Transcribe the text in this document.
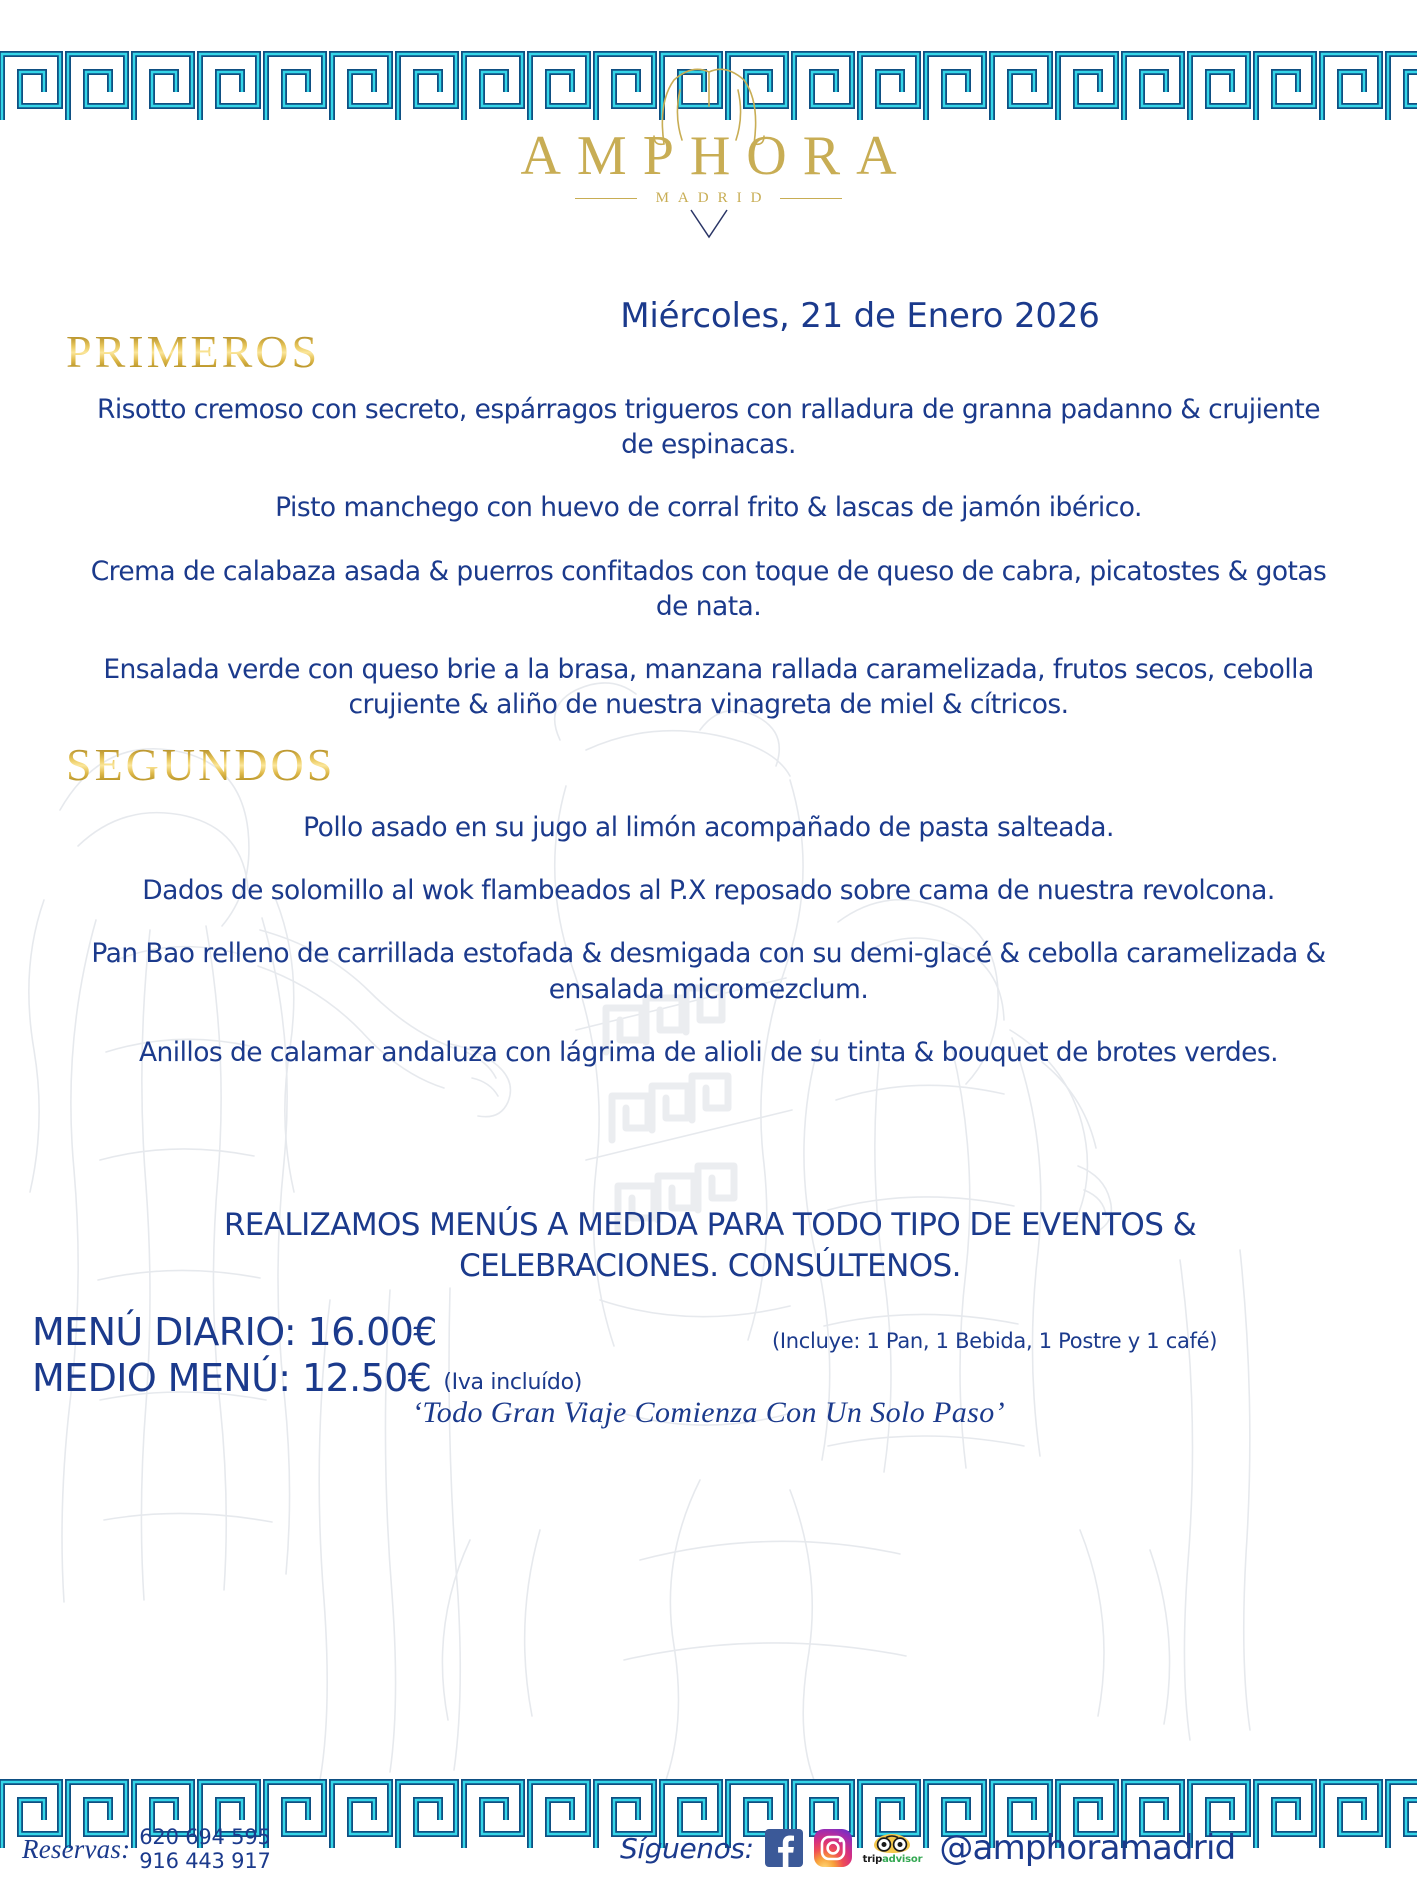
AMPHORA
MADRID
Miércoles, 21 de Enero 2026
PRIMEROS

Risotto cremoso con secreto, espárragos trigueros con ralladura de granna padanno & crujiente de espinacas.

Pisto manchego con huevo de corral frito & lascas de jamón ibérico.

Crema de calabaza asada & puerros confitados con toque de queso de cabra, picatostes & gotas de nata.

Ensalada verde con queso brie a la brasa, manzana rallada caramelizada, frutos secos, cebolla crujiente & aliño de nuestra vinagreta de miel & cítricos.

SEGUNDOS

Pollo asado en su jugo al limón acompañado de pasta salteada.

Dados de solomillo al wok flambeados al P.X reposado sobre cama de nuestra revolcona.

Pan Bao relleno de carrillada estofada & desmigada con su demi-glacé & cebolla caramelizada & ensalada micromezclum.

Anillos de calamar andaluza con lágrima de alioli de su tinta & bouquet de brotes verdes.

REALIZAMOS MENÚS A MEDIDA PARA TODO TIPO DE EVENTOS & CELEBRACIONES. CONSÚLTENOS.
MENÚ DIARIO: 16.00€
MEDIO MENÚ: 12.50€ (Iva incluído)
(Incluye: 1 Pan, 1 Bebida, 1 Postre y 1 café)
‘Todo Gran Viaje Comienza Con Un Solo Paso’
Reservas: 620 694 595
916 443 917	Síguenos:	tripadvisor @amphoramadrid
